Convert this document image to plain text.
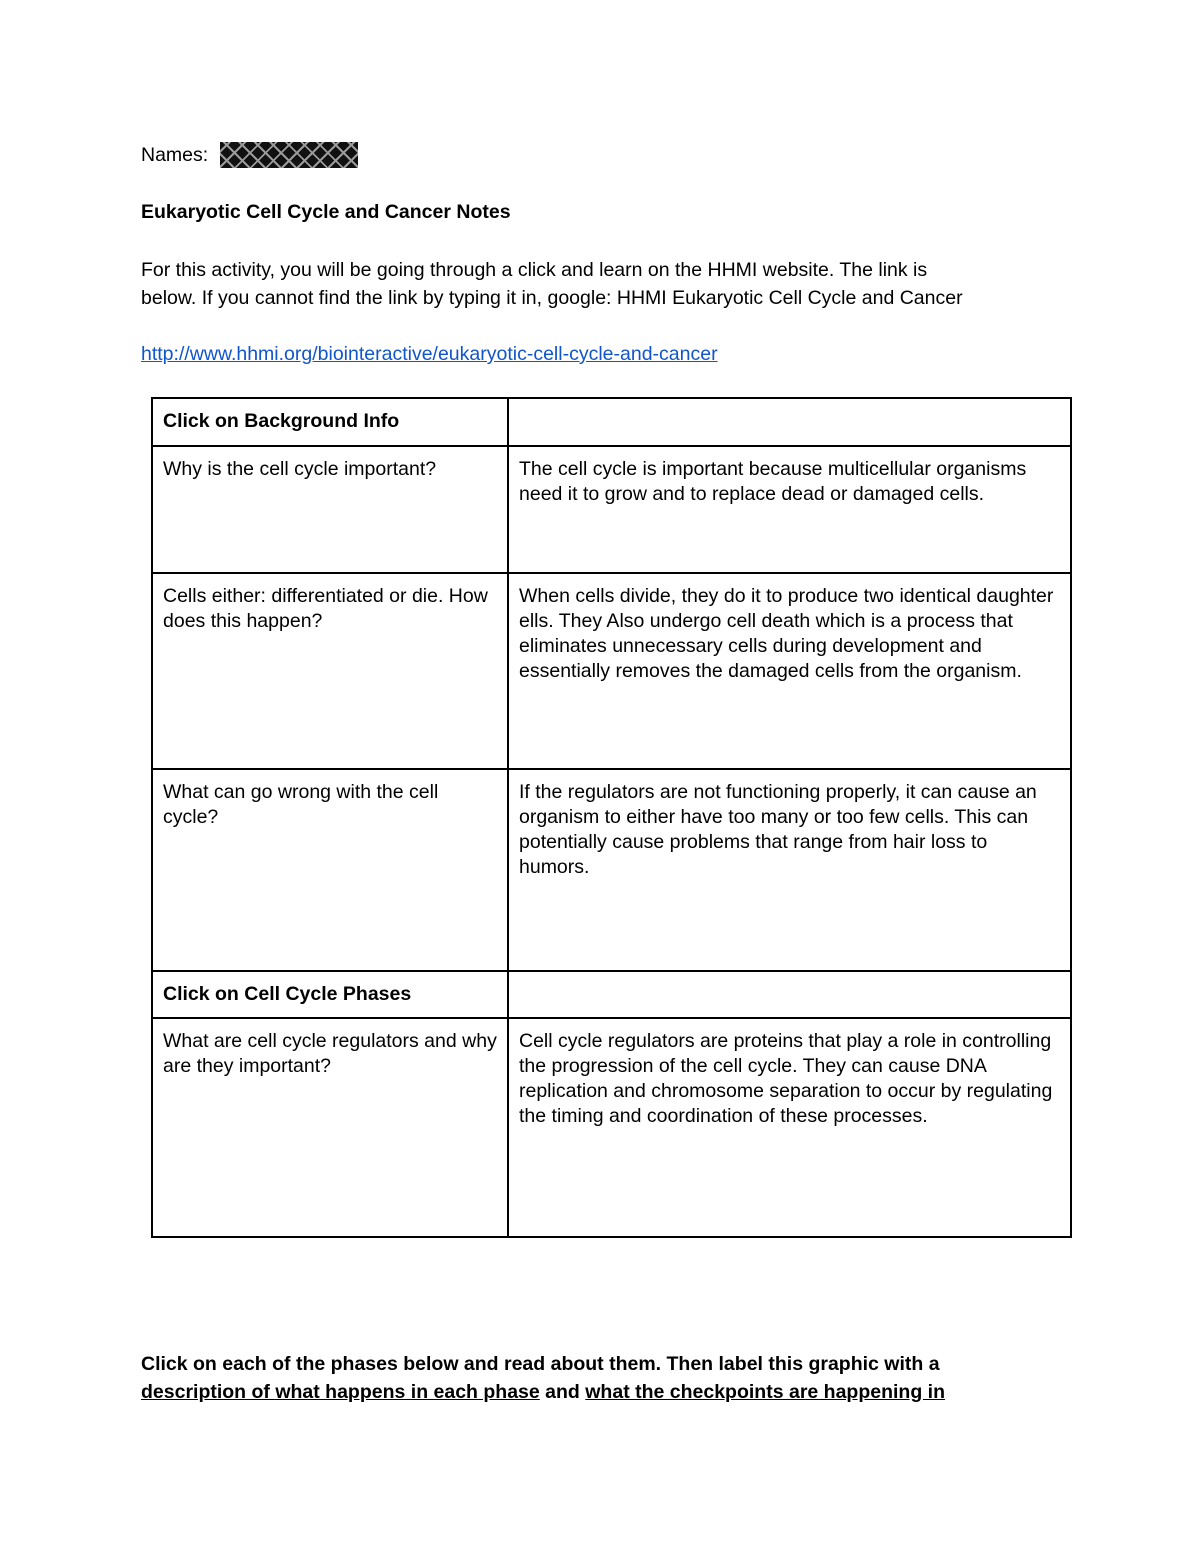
Names:
Eukaryotic Cell Cycle and Cancer Notes
For this activity, you will be going through a click and learn on the HHMI website. The link is
below. If you cannot find the link by typing it in, google: HHMI Eukaryotic Cell Cycle and Cancer
http://www.hhmi.org/biointeractive/eukaryotic-cell-cycle-and-cancer
Click on Background Info	
Why is the cell cycle important?	The cell cycle is important because multicellular organisms need it to grow and to replace dead or damaged cells.
Cells either: differentiated or die. How does this happen?	When cells divide, they do it to produce two identical daughter ells. They Also undergo cell death which is a process that eliminates unnecessary cells during development and essentially removes the damaged cells from the organism.
What can go wrong with the cell cycle?	If the regulators are not functioning properly, it can cause an organism to either have too many or too few cells. This can potentially cause problems that range from hair loss to humors.
Click on Cell Cycle Phases	
What are cell cycle regulators and why are they important?	Cell cycle regulators are proteins that play a role in controlling the progression of the cell cycle. They can cause DNA replication and chromosome separation to occur by regulating the timing and coordination of these processes.
Click on each of the phases below and read about them. Then label this graphic with a
description of what happens in each phase and what the checkpoints are happening in
